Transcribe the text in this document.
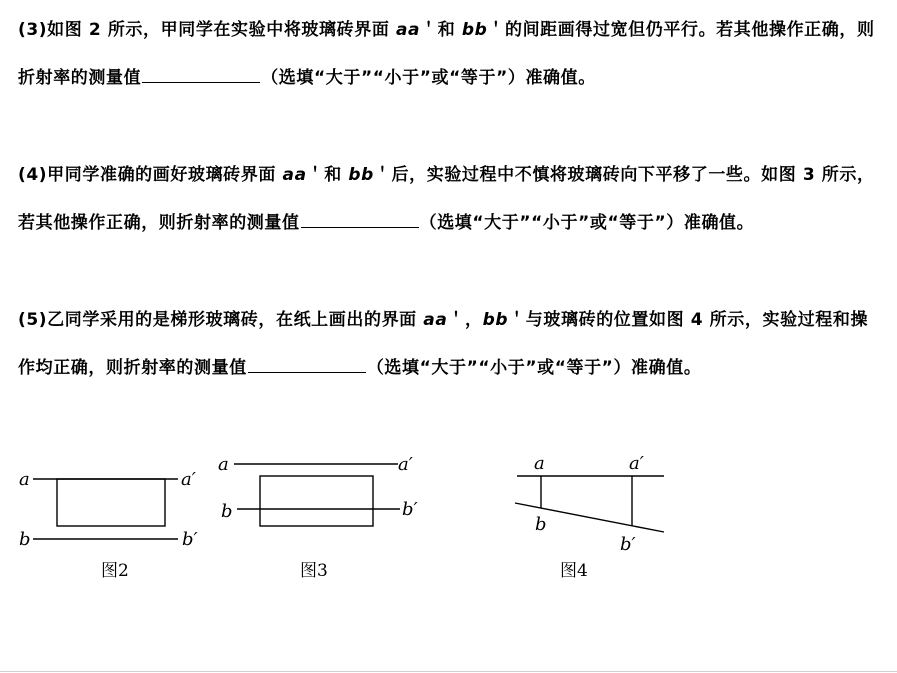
(3)如图 2 所示，甲同学在实验中将玻璃砖界面 aa＇和 bb＇的间距画得过宽但仍平行。若其他操作正确，则折射率的测量值	（选填“大于”“小于”或“等于”）准确值。
(4)甲同学准确的画好玻璃砖界面 aa＇和 bb＇后，实验过程中不慎将玻璃砖向下平移了一些。如图 3 所示，若其他操作正确，则折射率的测量值	（选填“大于”“小于”或“等于”）准确值。
(5)乙同学采用的是梯形玻璃砖，在纸上画出的界面 aa＇，bb＇与玻璃砖的位置如图 4 所示，实验过程和操作均正确，则折射率的测量值	（选填“大于”“小于”或“等于”）准确值。
a	a′
b	b′
图2
a	a′
b	b′
图3
a	a′
b
b′
图4
